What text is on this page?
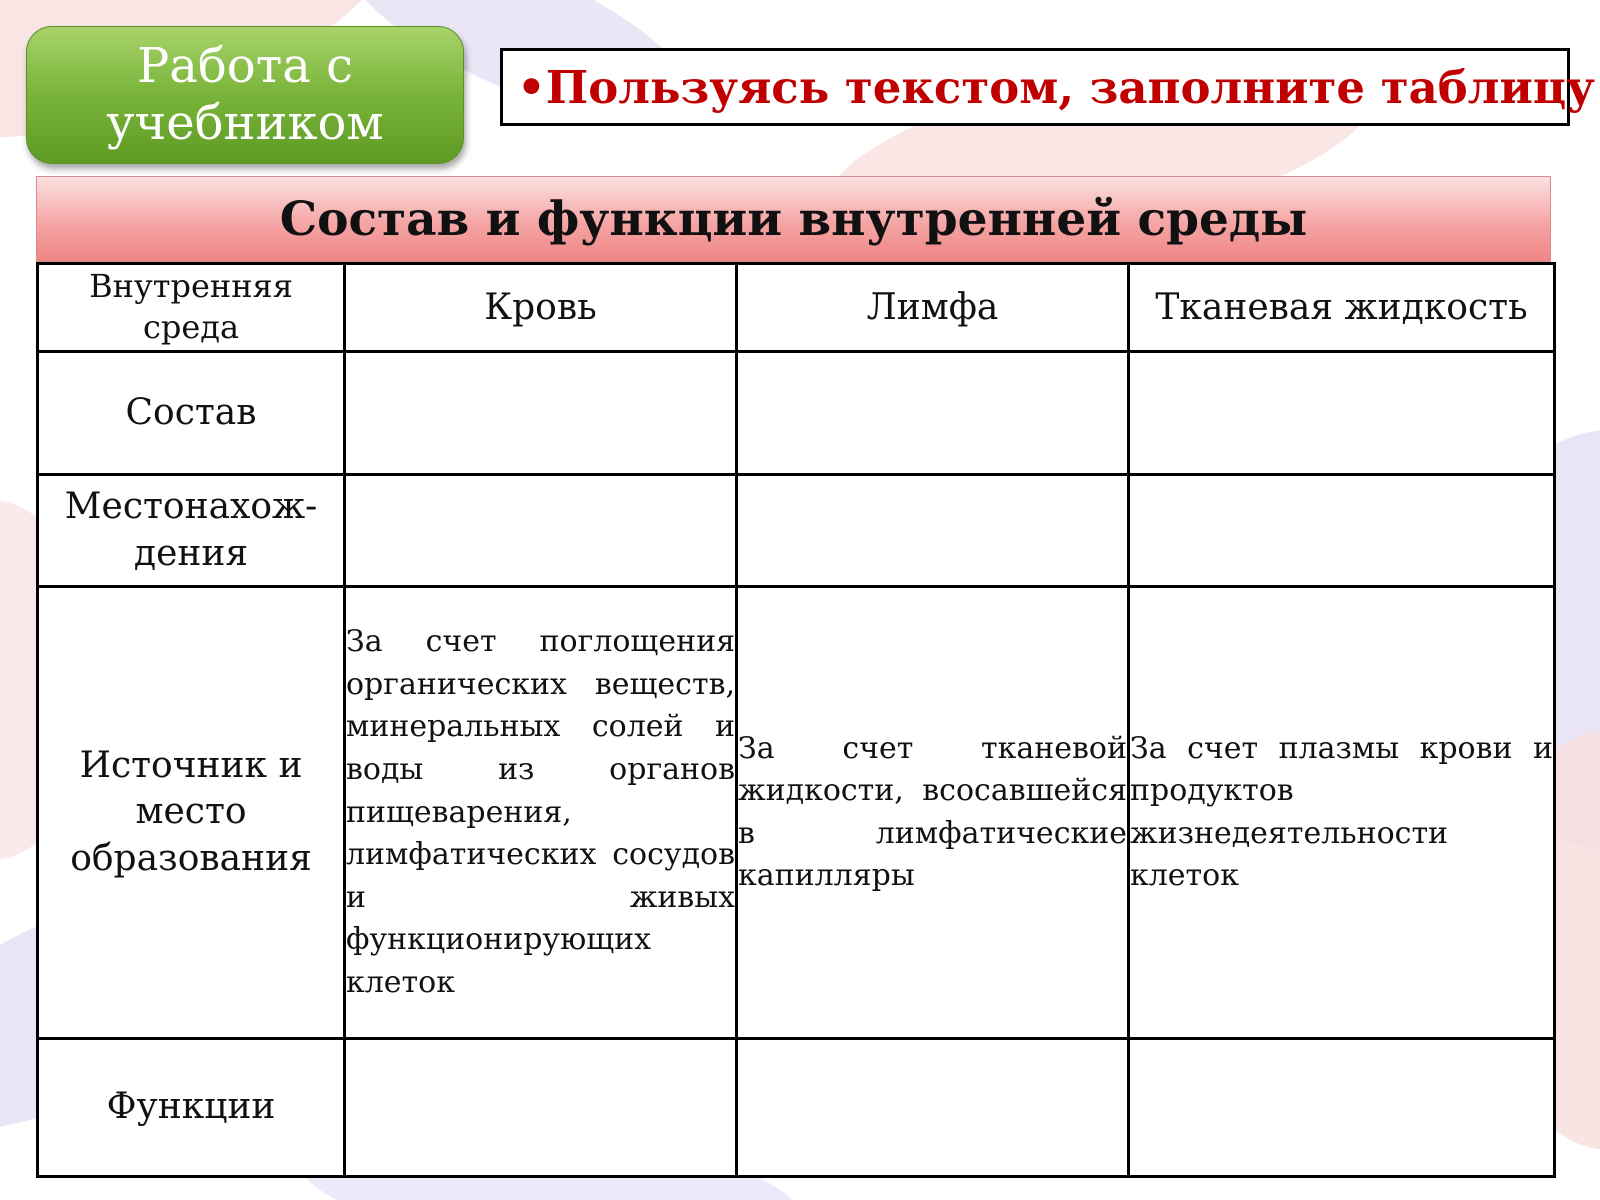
Работа с
учебником
•Пользуясь текстом, заполните таблицу
Состав и функции внутренней среды
Внутренняя среда	Кровь	Лимфа	Тканевая жидкость
Состав			
Местонахож-дения			
Источник и место образования	За счет поглощения органических веществ, минеральных солей и воды из органов пищеварения, лимфатических сосудов и живых функционирующих клеток	За счет тканевой жидкости, всосавшейся в лимфатические капилляры	За счет плазмы крови и продуктов жизнедеятельности клеток
Функции			
